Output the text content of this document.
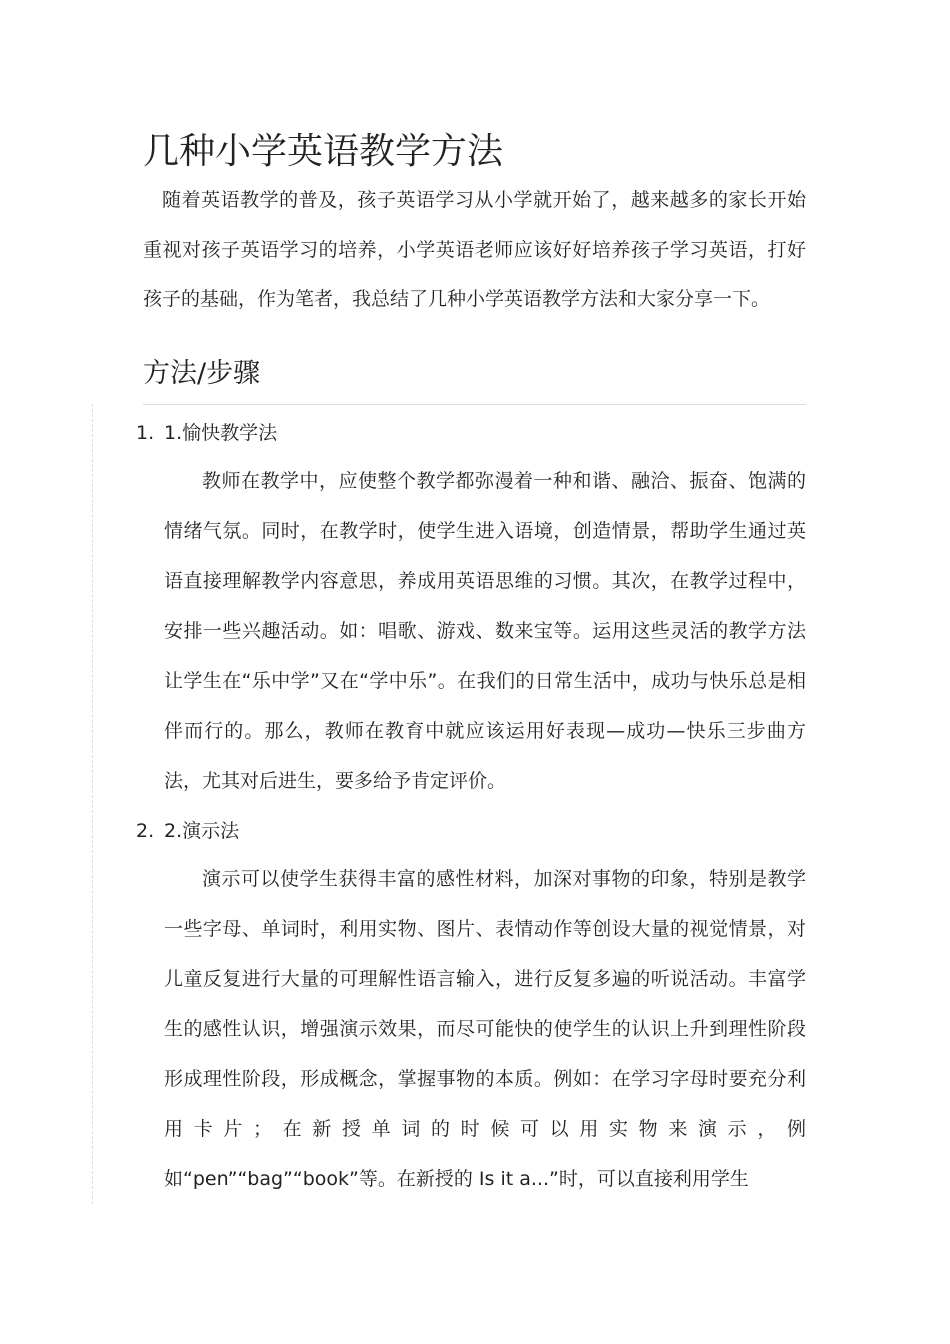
几种小学英语教学方法

随着英语教学的普及，孩子英语学习从小学就开始了，越来越多的家长开始重视对孩子英语学习的培养，小学英语老师应该好好培养孩子学习英语，打好孩子的基础，作为笔者，我总结了几种小学英语教学方法和大家分享一下。

方法/步骤
1. 1.愉快教学法

教师在教学中，应使整个教学都弥漫着一种和谐、融洽、振奋、饱满的情绪气氛。同时，在教学时，使学生进入语境，创造情景，帮助学生通过英语直接理解教学内容意思，养成用英语思维的习惯。其次，在教学过程中，安排一些兴趣活动。如：唱歌、游戏、数来宝等。运用这些灵活的教学方法让学生在“乐中学”又在“学中乐”。在我们的日常生活中，成功与快乐总是相伴而行的。那么，教师在教育中就应该运用好表现—成功—快乐三步曲方法，尤其对后进生，要多给予肯定评价。

2. 2.演示法

演示可以使学生获得丰富的感性材料，加深对事物的印象，特别是教学一些字母、单词时，利用实物、图片、表情动作等创设大量的视觉情景，对儿童反复进行大量的可理解性语言输入，进行反复多遍的听说活动。丰富学生的感性认识，增强演示效果，而尽可能快的使学生的认识上升到理性阶段形成理性阶段，形成概念，掌握事物的本质。例如：在学习字母时要充分利用卡片；在新授单词的时候可以用实物来演示，例如“pen”“bag”“book”等。在新授的 Is it a...”时，可以直接利用学生
